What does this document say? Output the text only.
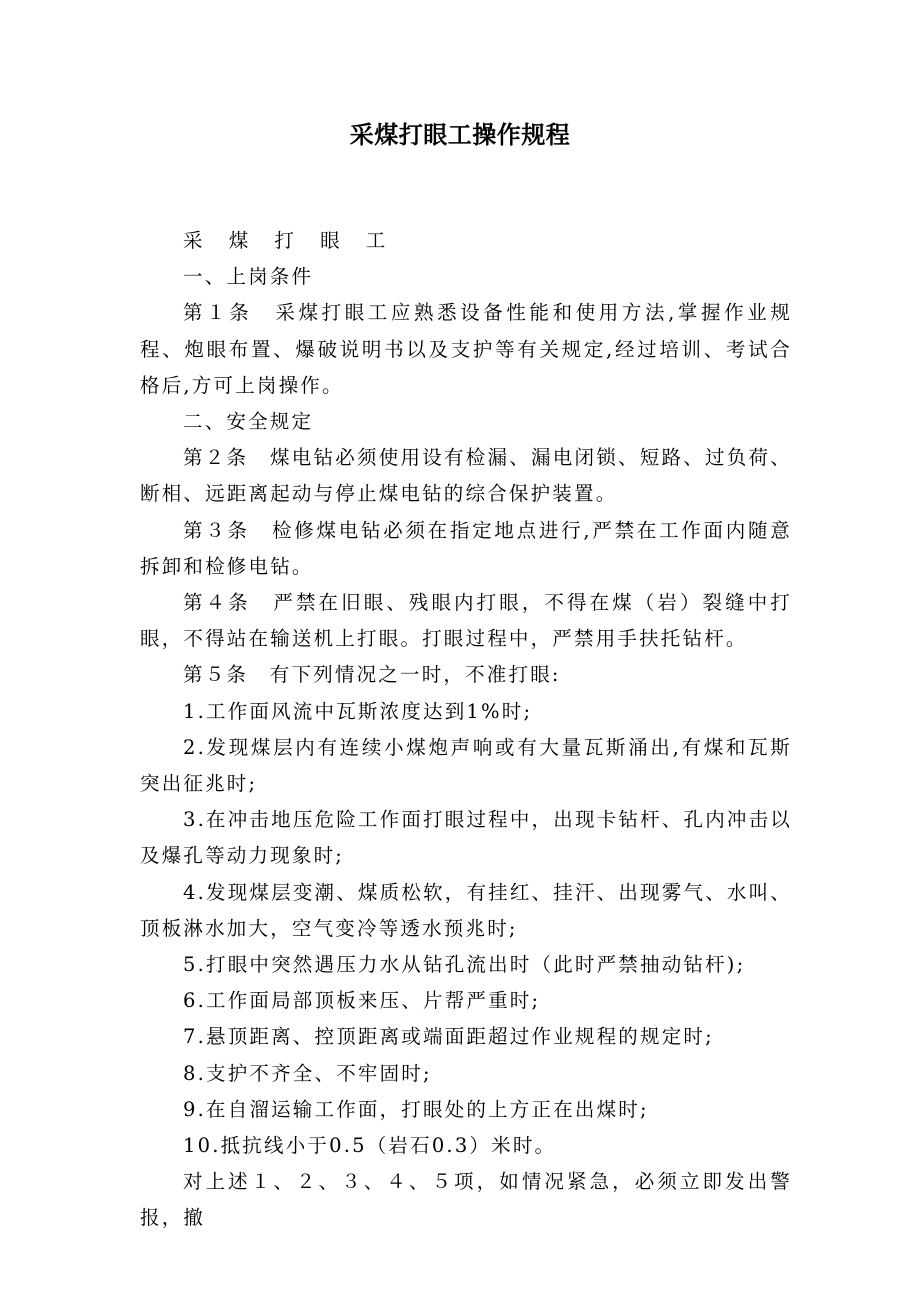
采煤打眼工操作规程

采 煤 打 眼 工

一、上岗条件

第１条　采煤打眼工应熟悉设备性能和使用方法,掌握作业规程、炮眼布置、爆破说明书以及支护等有关规定,经过培训、考试合格后,方可上岗操作。

二、安全规定

第２条　煤电钻必须使用设有检漏、漏电闭锁、短路、过负荷、断相、远距离起动与停止煤电钻的综合保护装置。

第３条　检修煤电钻必须在指定地点进行,严禁在工作面内随意拆卸和检修电钻。

第４条　严禁在旧眼、残眼内打眼，不得在煤（岩）裂缝中打眼，不得站在输送机上打眼。打眼过程中，严禁用手扶托钻杆。

第５条　有下列情况之一时，不准打眼:

1.工作面风流中瓦斯浓度达到1%时;

2.发现煤层内有连续小煤炮声响或有大量瓦斯涌出,有煤和瓦斯突出征兆时;

3.在冲击地压危险工作面打眼过程中，出现卡钻杆、孔内冲击以及爆孔等动力现象时;

4.发现煤层变潮、煤质松软，有挂红、挂汗、出现雾气、水叫、顶板淋水加大，空气变冷等透水预兆时;

5.打眼中突然遇压力水从钻孔流出时（此时严禁抽动钻杆);

6.工作面局部顶板来压、片帮严重时;

7.悬顶距离、控顶距离或端面距超过作业规程的规定时;

8.支护不齐全、不牢固时;

9.在自溜运输工作面，打眼处的上方正在出煤时;

10.抵抗线小于0.5（岩石0.3）米时。

对上述１、２、３、４、５项，如情况紧急，必须立即发出警报，撤
